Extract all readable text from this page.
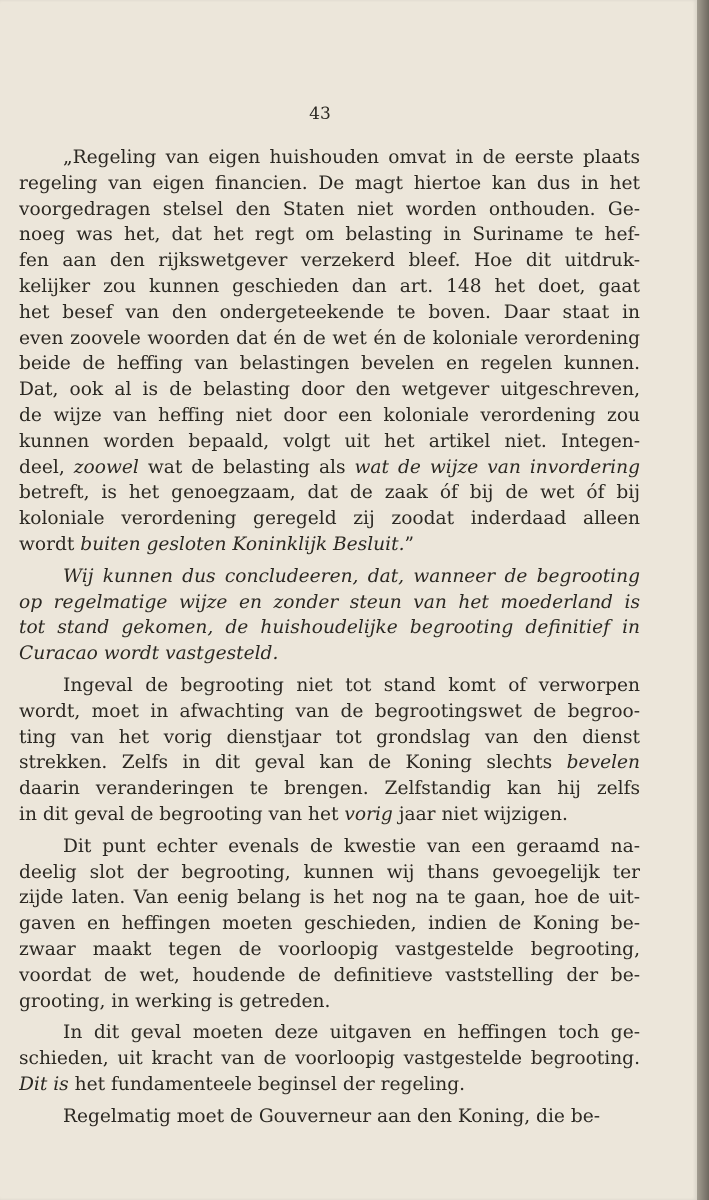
43
„Regeling van eigen huishouden omvat in de eerste plaats
regeling van eigen financien. De magt hiertoe kan dus in het
voorgedragen stelsel den Staten niet worden onthouden. Ge-
noeg was het, dat het regt om belasting in Suriname te hef-
fen aan den rijkswetgever verzekerd bleef. Hoe dit uitdruk-
kelijker zou kunnen geschieden dan art. 148 het doet, gaat
het besef van den ondergeteekende te boven. Daar staat in
even zoovele woorden dat én de wet én de koloniale verordening
beide de heffing van belastingen bevelen en regelen kunnen.
Dat, ook al is de belasting door den wetgever uitgeschreven,
de wijze van heffing niet door een koloniale verordening zou
kunnen worden bepaald, volgt uit het artikel niet. Integen-
deel, zoowel wat de belasting als wat de wijze van invordering
betreft, is het genoegzaam, dat de zaak óf bij de wet óf bij
koloniale verordening geregeld zij zoodat inderdaad alleen
wordt buiten gesloten Koninklijk Besluit.”
Wij kunnen dus concludeeren, dat, wanneer de begrooting
op regelmatige wijze en zonder steun van het moederland is
tot stand gekomen, de huishoudelijke begrooting definitief in
Curacao wordt vastgesteld.
Ingeval de begrooting niet tot stand komt of verworpen
wordt, moet in afwachting van de begrootingswet de begroo-
ting van het vorig dienstjaar tot grondslag van den dienst
strekken. Zelfs in dit geval kan de Koning slechts bevelen
daarin veranderingen te brengen. Zelfstandig kan hij zelfs
in dit geval de begrooting van het vorig jaar niet wijzigen.
Dit punt echter evenals de kwestie van een geraamd na-
deelig slot der begrooting, kunnen wij thans gevoegelijk ter
zijde laten. Van eenig belang is het nog na te gaan, hoe de uit-
gaven en heffingen moeten geschieden, indien de Koning be-
zwaar maakt tegen de voorloopig vastgestelde begrooting,
voordat de wet, houdende de definitieve vaststelling der be-
grooting, in werking is getreden.
In dit geval moeten deze uitgaven en heffingen toch ge-
schieden, uit kracht van de voorloopig vastgestelde begrooting.
Dit is het fundamenteele beginsel der regeling.
Regelmatig moet de Gouverneur aan den Koning, die be-
